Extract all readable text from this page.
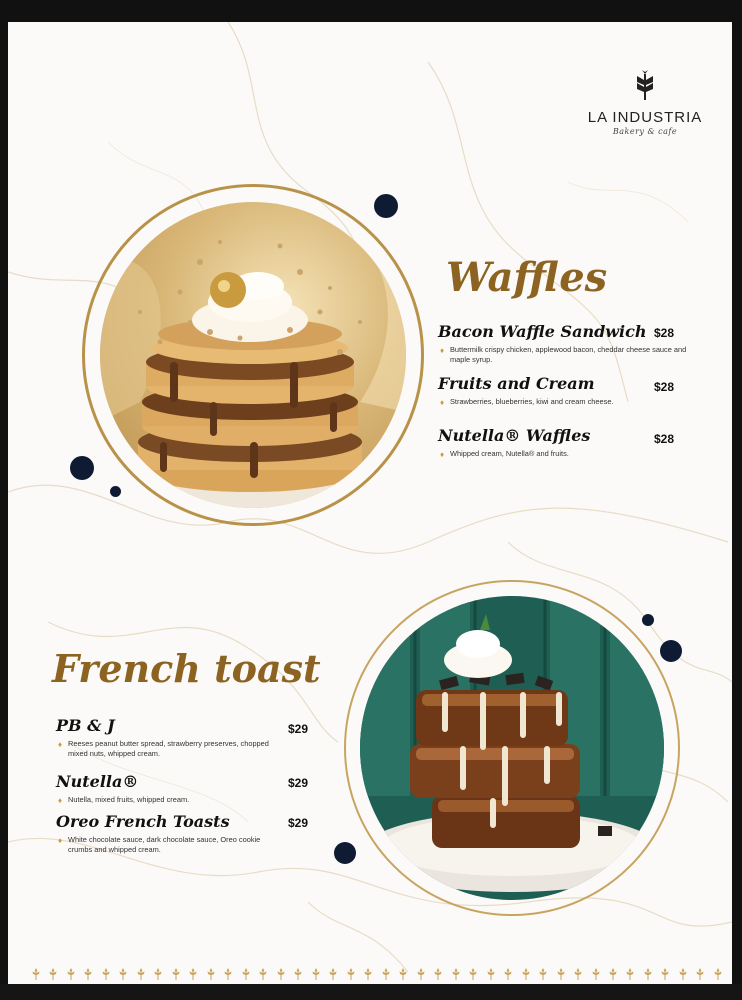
LA INDUSTRIA
Bakery & cafe
Waffles
Bacon Waffle Sandwich
♦ Buttermilk crispy chicken, applewood bacon, cheddar cheese sauce and maple syrup.
$28
Fruits and Cream
♦ Strawberries, blueberries, kiwi and cream cheese.
$28
Nutella® Waffles
♦ Whipped cream, Nutella® and fruits.
$28
French toast
PB & J
♦ Reeses peanut butter spread, strawberry preserves, chopped mixed nuts, whipped cream.
$29
Nutella®
♦ Nutella, mixed fruits, whipped cream.
$29
Oreo French Toasts
♦ White chocolate sauce, dark chocolate sauce, Oreo cookie crumbs and whipped cream.
$29
